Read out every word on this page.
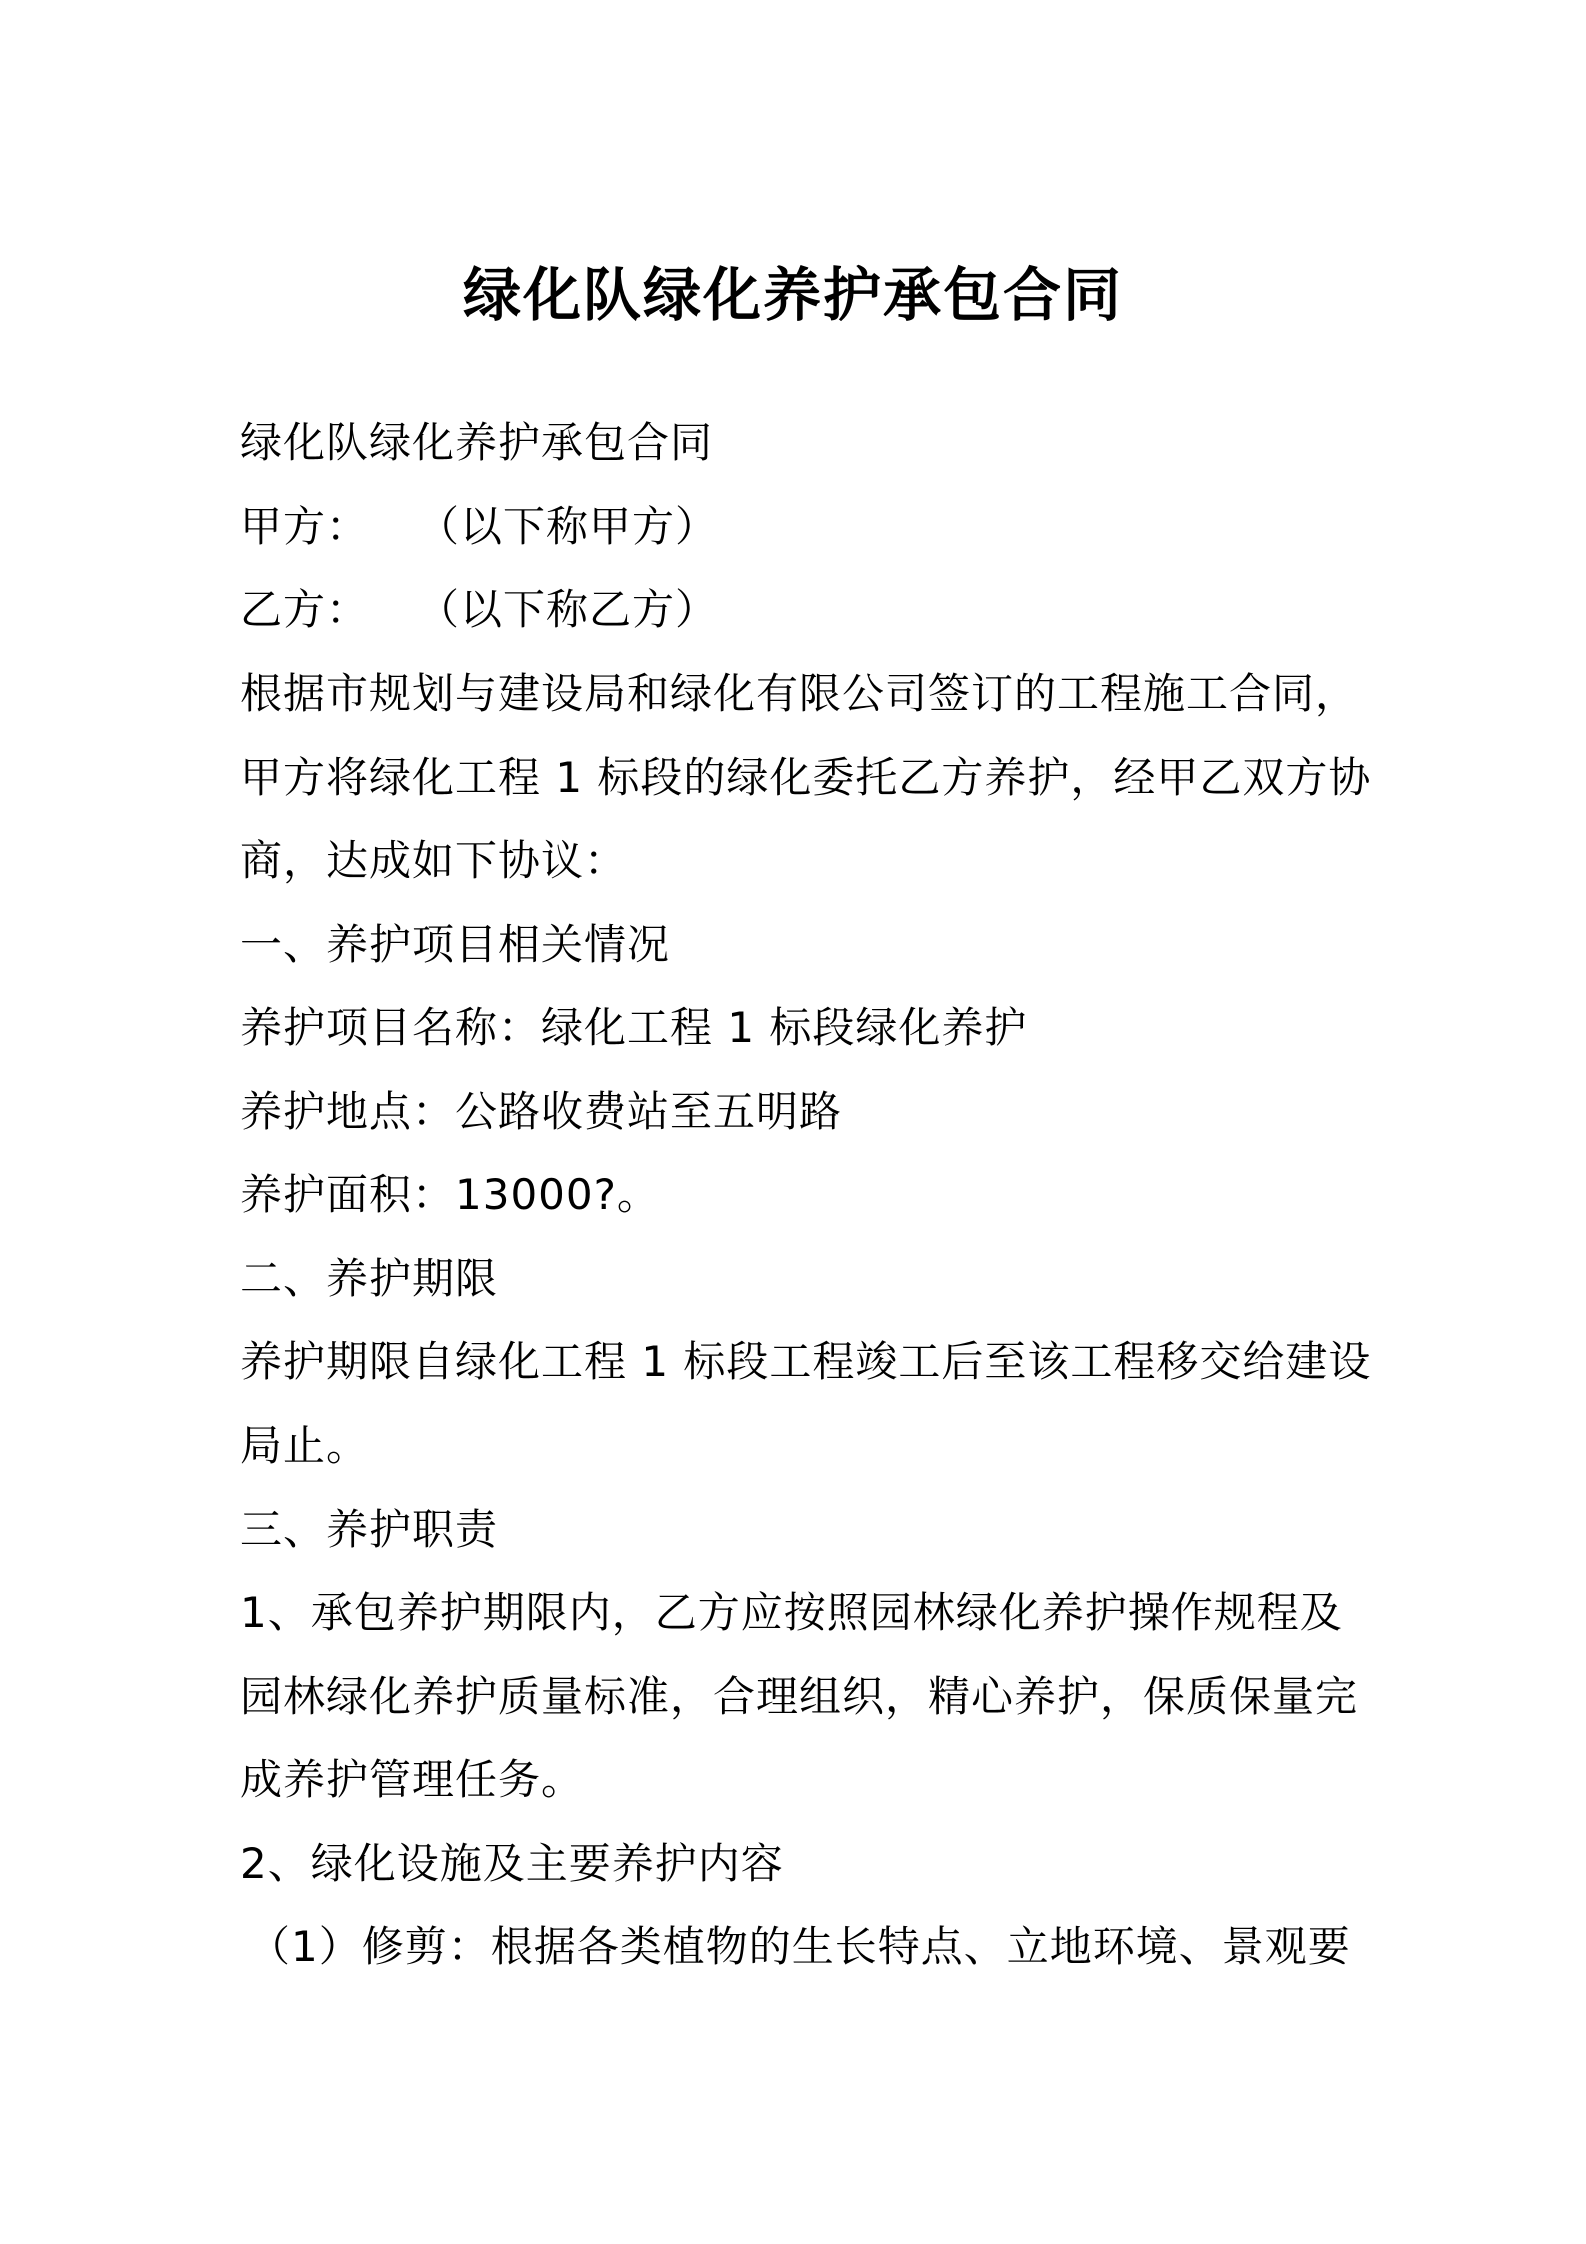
绿化队绿化养护承包合同
绿化队绿化养护承包合同
甲方： （以下称甲方）
乙方： （以下称乙方）
根据市规划与建设局和绿化有限公司签订的工程施工合同，
甲方将绿化工程 1 标段的绿化委托乙方养护，经甲乙双方协
商，达成如下协议：
一、养护项目相关情况
养护项目名称：绿化工程 1 标段绿化养护
养护地点：公路收费站至五明路
养护面积：13000?。
二、养护期限
养护期限自绿化工程 1 标段工程竣工后至该工程移交给建设
局止。
三、养护职责
1、承包养护期限内，乙方应按照园林绿化养护操作规程及
园林绿化养护质量标准，合理组织，精心养护，保质保量完
成养护管理任务。
2、绿化设施及主要养护内容
（1）修剪：根据各类植物的生长特点、立地环境、景观要
